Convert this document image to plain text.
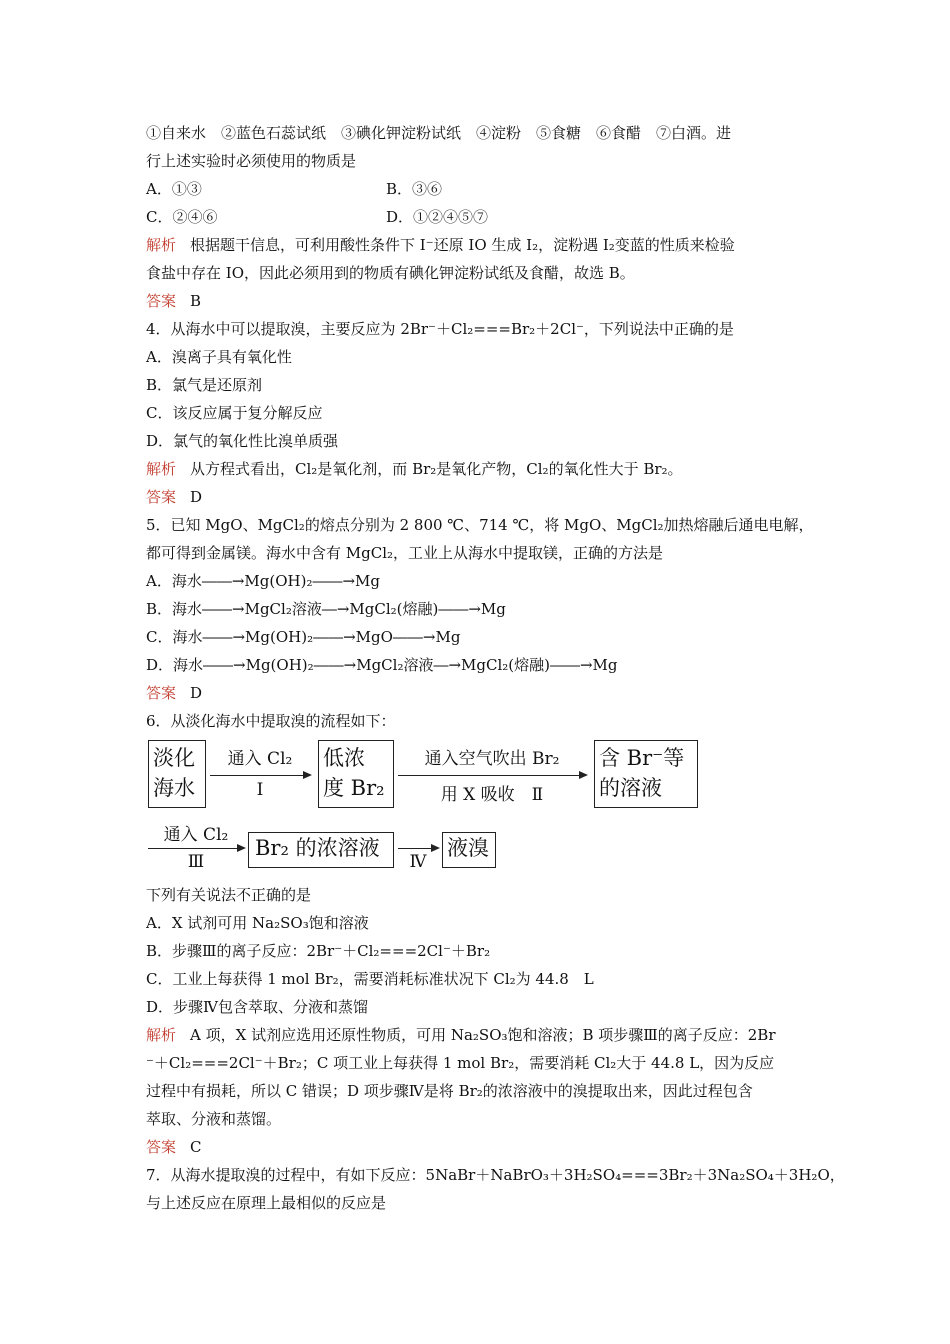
①自来水　②蓝色石蕊试纸　③碘化钾淀粉试纸　④淀粉　⑤食糖　⑥食醋　⑦白酒。进
行上述实验时必须使用的物质是
A．①③	B．③⑥
C．②④⑥	D．①②④⑤⑦
解析 根据题干信息，可利用酸性条件下 I⁻还原 IO 生成 I₂，淀粉遇 I₂变蓝的性质来检验
食盐中存在 IO，因此必须用到的物质有碘化钾淀粉试纸及食醋，故选 B。
答案 B
4．从海水中可以提取溴，主要反应为 2Br⁻＋Cl₂===Br₂＋2Cl⁻，下列说法中正确的是
A．溴离子具有氧化性
B．氯气是还原剂
C．该反应属于复分解反应
D．氯气的氧化性比溴单质强
解析 从方程式看出，Cl₂是氧化剂，而 Br₂是氧化产物，Cl₂的氧化性大于 Br₂。
答案 D
5．已知 MgO、MgCl₂的熔点分别为 2 800 ℃、714 ℃，将 MgO、MgCl₂加热熔融后通电电解，
都可得到金属镁。海水中含有 MgCl₂，工业上从海水中提取镁，正确的方法是
A．海水――→Mg(OH)₂――→Mg
B．海水――→MgCl₂溶液―→MgCl₂(熔融)――→Mg
C．海水――→Mg(OH)₂――→MgO――→Mg
D．海水――→Mg(OH)₂――→MgCl₂溶液―→MgCl₂(熔融)――→Mg
答案 D
6．从淡化海水中提取溴的流程如下：
淡化
海水
通入 Cl₂
Ⅰ
低浓
度 Br₂
通入空气吹出 Br₂
用 X 吸收　Ⅱ
含 Br⁻等
的溶液
通入 Cl₂
Ⅲ
Br₂ 的浓溶液
Ⅳ
液溴
下列有关说法不正确的是
A．X 试剂可用 Na₂SO₃饱和溶液
B．步骤Ⅲ的离子反应：2Br⁻＋Cl₂===2Cl⁻＋Br₂
C．工业上每获得 1 mol Br₂，需要消耗标准状况下 Cl₂为 44.8　L
D．步骤Ⅳ包含萃取、分液和蒸馏
解析 A 项，X 试剂应选用还原性物质，可用 Na₂SO₃饱和溶液；B 项步骤Ⅲ的离子反应：2Br
⁻＋Cl₂===2Cl⁻＋Br₂；C 项工业上每获得 1 mol Br₂，需要消耗 Cl₂大于 44.8 L，因为反应
过程中有损耗，所以 C 错误；D 项步骤Ⅳ是将 Br₂的浓溶液中的溴提取出来，因此过程包含
萃取、分液和蒸馏。
答案 C
7．从海水提取溴的过程中，有如下反应：5NaBr＋NaBrO₃＋3H₂SO₄===3Br₂＋3Na₂SO₄＋3H₂O，
与上述反应在原理上最相似的反应是
